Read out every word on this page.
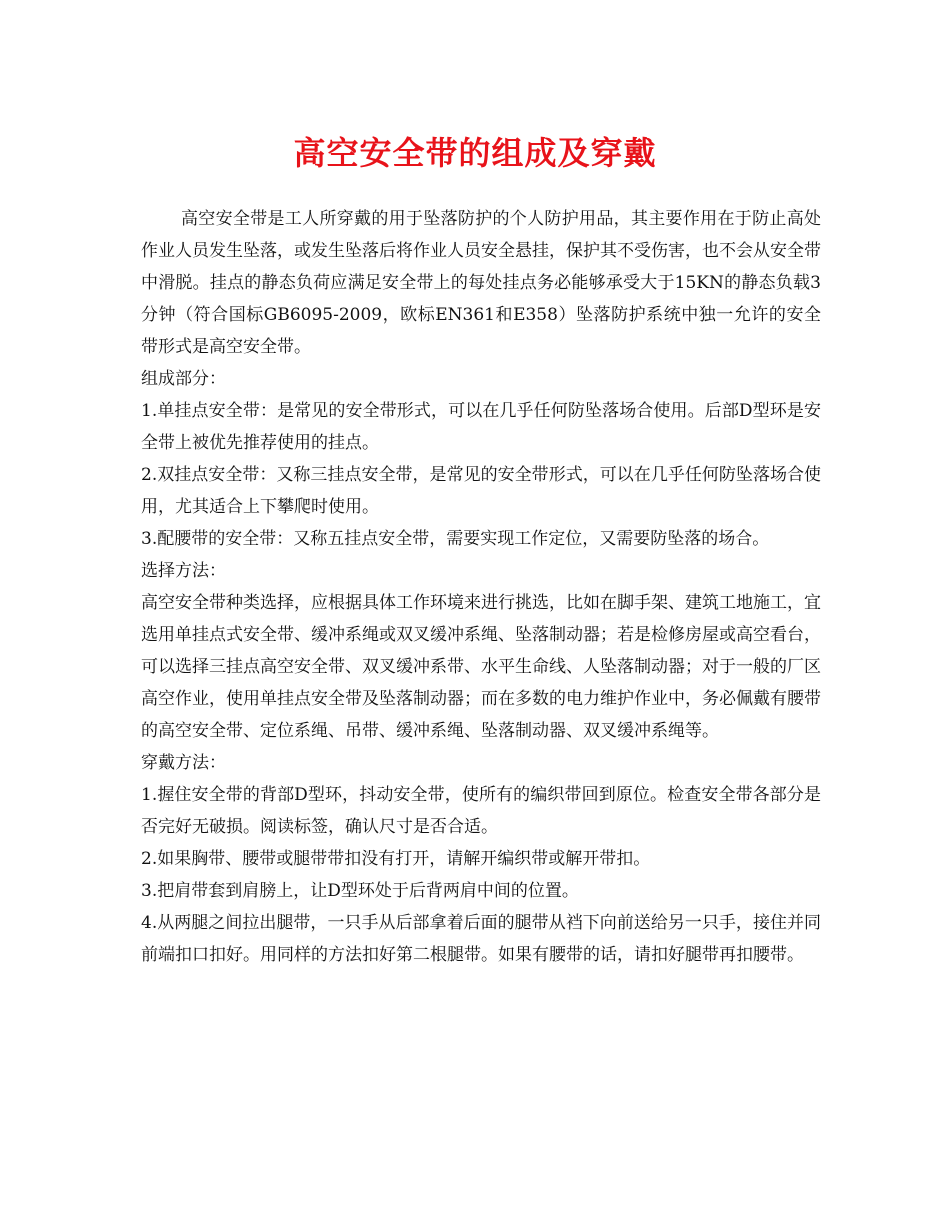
高空安全带的组成及穿戴

高空安全带是工人所穿戴的用于坠落防护的个人防护用品，其主要作用在于防止高处作业人员发生坠落，或发生坠落后将作业人员安全悬挂，保护其不受伤害，也不会从安全带中滑脱。挂点的静态负荷应满足安全带上的每处挂点务必能够承受大于15KN的静态负载3分钟（符合国标GB6095-2009，欧标EN361和E358）坠落防护系统中独一允许的安全带形式是高空安全带。

组成部分：

1.单挂点安全带：是常见的安全带形式，可以在几乎任何防坠落场合使用。后部D型环是安全带上被优先推荐使用的挂点。

2.双挂点安全带：又称三挂点安全带，是常见的安全带形式，可以在几乎任何防坠落场合使用，尤其适合上下攀爬时使用。

3.配腰带的安全带：又称五挂点安全带，需要实现工作定位，又需要防坠落的场合。

选择方法：

高空安全带种类选择，应根据具体工作环境来进行挑选，比如在脚手架、建筑工地施工，宜选用单挂点式安全带、缓冲系绳或双叉缓冲系绳、坠落制动器；若是检修房屋或高空看台，可以选择三挂点高空安全带、双叉缓冲系带、水平生命线、人坠落制动器；对于一般的厂区高空作业，使用单挂点安全带及坠落制动器；而在多数的电力维护作业中，务必佩戴有腰带的高空安全带、定位系绳、吊带、缓冲系绳、坠落制动器、双叉缓冲系绳等。

穿戴方法：

1.握住安全带的背部D型环，抖动安全带，使所有的编织带回到原位。检查安全带各部分是否完好无破损。阅读标签，确认尺寸是否合适。

2.如果胸带、腰带或腿带带扣没有打开，请解开编织带或解开带扣。

3.把肩带套到肩膀上，让D型环处于后背两肩中间的位置。

4.从两腿之间拉出腿带，一只手从后部拿着后面的腿带从裆下向前送给另一只手，接住并同前端扣口扣好。用同样的方法扣好第二根腿带。如果有腰带的话，请扣好腿带再扣腰带。
